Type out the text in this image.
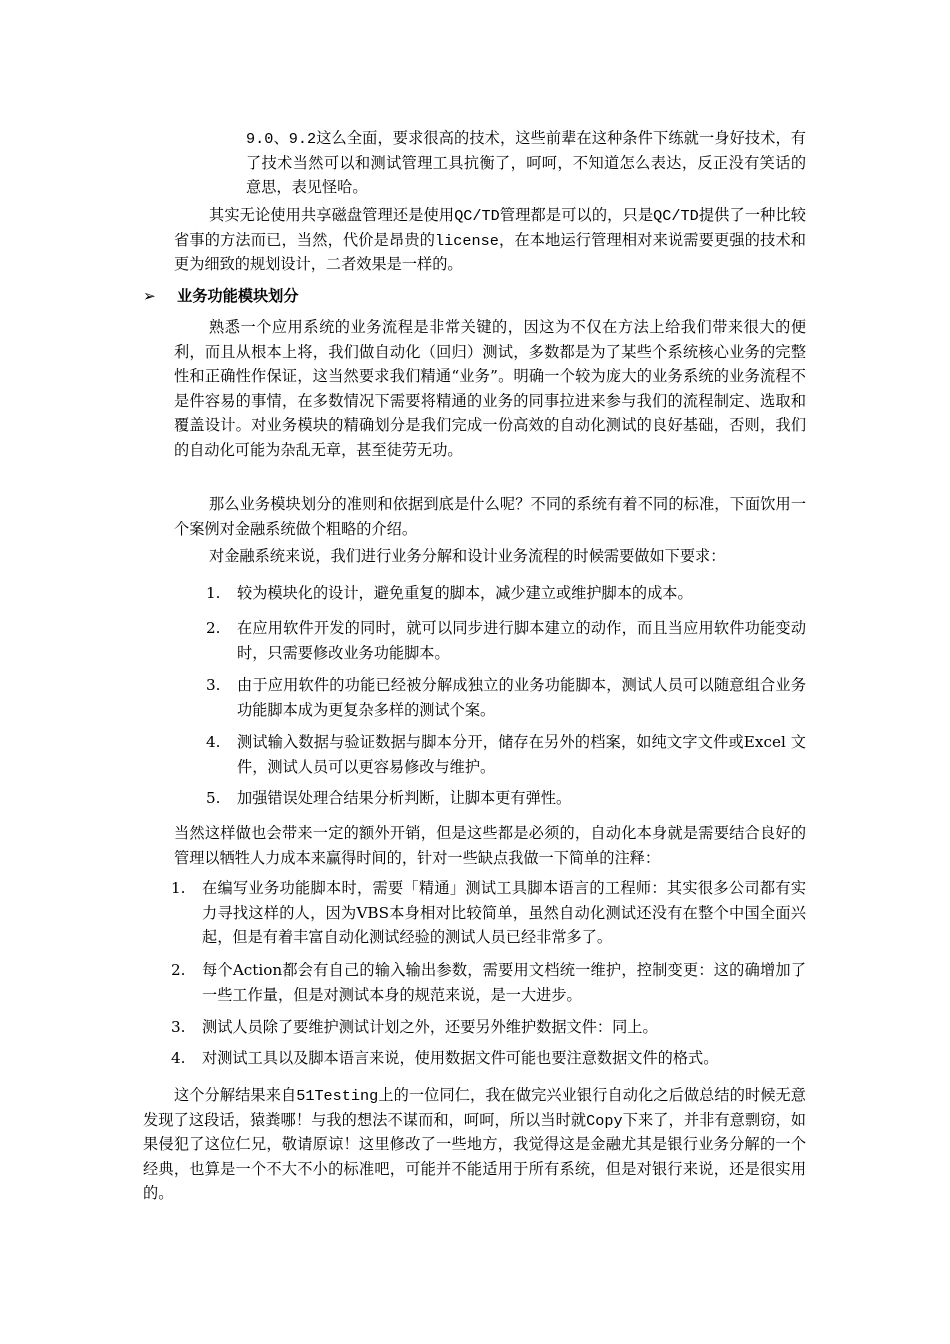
9.0、9.2这么全面，要求很高的技术，这些前辈在这种条件下练就一身好技术，有了技术当然可以和测试管理工具抗衡了，呵呵，不知道怎么表达，反正没有笑话的意思，表见怪哈。

其实无论使用共享磁盘管理还是使用QC/TD管理都是可以的，只是QC/TD提供了一种比较省事的方法而已，当然，代价是昂贵的license，在本地运行管理相对来说需要更强的技术和更为细致的规划设计，二者效果是一样的。

➢ 业务功能模块划分

熟悉一个应用系统的业务流程是非常关键的，因这为不仅在方法上给我们带来很大的便利，而且从根本上将，我们做自动化（回归）测试，多数都是为了某些个系统核心业务的完整性和正确性作保证，这当然要求我们精通“业务”。明确一个较为庞大的业务系统的业务流程不是件容易的事情，在多数情况下需要将精通的业务的同事拉进来参与我们的流程制定、选取和覆盖设计。对业务模块的精确划分是我们完成一份高效的自动化测试的良好基础，否则，我们的自动化可能为杂乱无章，甚至徒劳无功。

那么业务模块划分的准则和依据到底是什么呢？不同的系统有着不同的标准，下面饮用一个案例对金融系统做个粗略的介绍。

对金融系统来说，我们进行业务分解和设计业务流程的时候需要做如下要求：

1. 较为模块化的设计，避免重复的脚本，减少建立或维护脚本的成本。
2. 在应用软件开发的同时，就可以同步进行脚本建立的动作，而且当应用软件功能变动时，只需要修改业务功能脚本。
3. 由于应用软件的功能已经被分解成独立的业务功能脚本，测试人员可以随意组合业务功能脚本成为更复杂多样的测试个案。
4. 测试输入数据与验证数据与脚本分开，储存在另外的档案，如纯文字文件或Excel 文件，测试人员可以更容易修改与维护。
5. 加强错误处理合结果分析判断，让脚本更有弹性。

当然这样做也会带来一定的额外开销，但是这些都是必须的，自动化本身就是需要结合良好的管理以牺牲人力成本来赢得时间的，针对一些缺点我做一下简单的注释：

1. 在编写业务功能脚本时，需要「精通」测试工具脚本语言的工程师：其实很多公司都有实力寻找这样的人，因为VBS本身相对比较简单，虽然自动化测试还没有在整个中国全面兴起，但是有着丰富自动化测试经验的测试人员已经非常多了。
2. 每个Action都会有自己的输入输出参数，需要用文档统一维护，控制变更：这的确增加了一些工作量，但是对测试本身的规范来说，是一大进步。
3. 测试人员除了要维护测试计划之外，还要另外维护数据文件：同上。
4. 对测试工具以及脚本语言来说，使用数据文件可能也要注意数据文件的格式。

这个分解结果来自51Testing上的一位同仁，我在做完兴业银行自动化之后做总结的时候无意发现了这段话，猿粪哪！与我的想法不谋而和，呵呵，所以当时就Copy下来了，并非有意剽窃，如果侵犯了这位仁兄，敬请原谅！这里修改了一些地方，我觉得这是金融尤其是银行业务分解的一个经典，也算是一个不大不小的标准吧，可能并不能适用于所有系统，但是对银行来说，还是很实用的。
